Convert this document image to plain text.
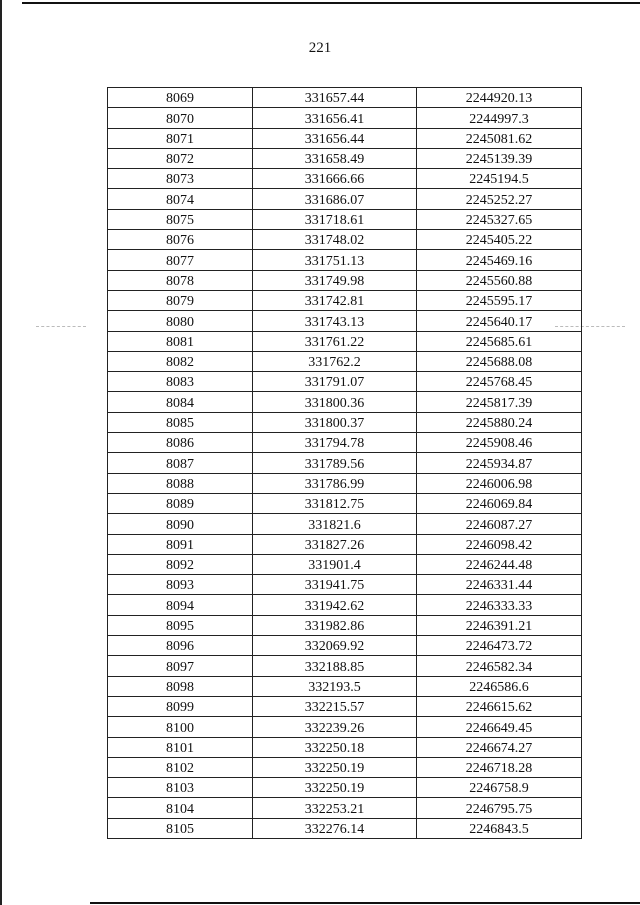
221
8069	331657.44	2244920.13
8070	331656.41	2244997.3
8071	331656.44	2245081.62
8072	331658.49	2245139.39
8073	331666.66	2245194.5
8074	331686.07	2245252.27
8075	331718.61	2245327.65
8076	331748.02	2245405.22
8077	331751.13	2245469.16
8078	331749.98	2245560.88
8079	331742.81	2245595.17
8080	331743.13	2245640.17
8081	331761.22	2245685.61
8082	331762.2	2245688.08
8083	331791.07	2245768.45
8084	331800.36	2245817.39
8085	331800.37	2245880.24
8086	331794.78	2245908.46
8087	331789.56	2245934.87
8088	331786.99	2246006.98
8089	331812.75	2246069.84
8090	331821.6	2246087.27
8091	331827.26	2246098.42
8092	331901.4	2246244.48
8093	331941.75	2246331.44
8094	331942.62	2246333.33
8095	331982.86	2246391.21
8096	332069.92	2246473.72
8097	332188.85	2246582.34
8098	332193.5	2246586.6
8099	332215.57	2246615.62
8100	332239.26	2246649.45
8101	332250.18	2246674.27
8102	332250.19	2246718.28
8103	332250.19	2246758.9
8104	332253.21	2246795.75
8105	332276.14	2246843.5
